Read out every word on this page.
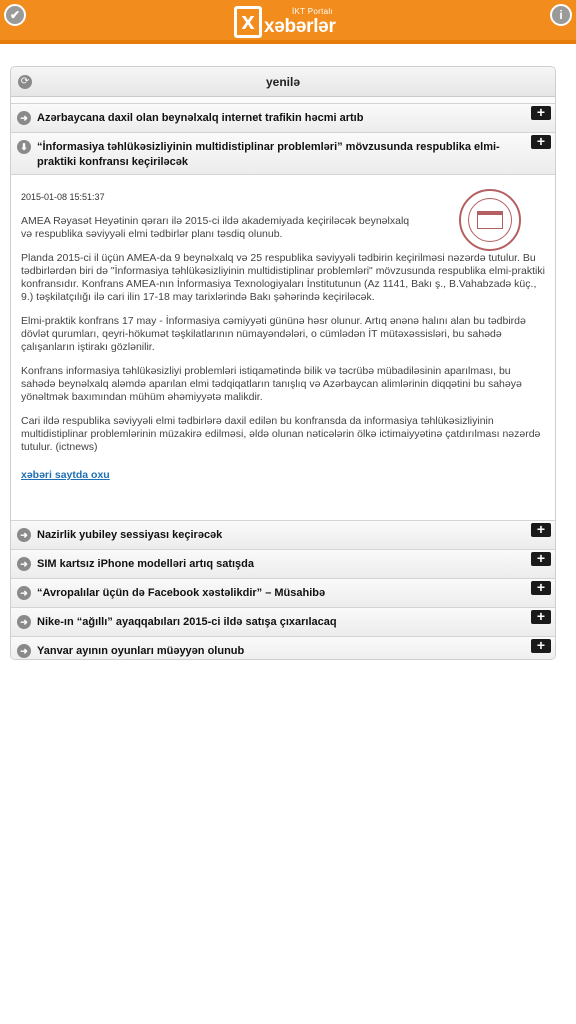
✔	x	İKT Portalı
xəbərlər
i
⟳	yenilə
➜ Azərbaycana daxil olan beynəlxalq internet trafikin həcmi artıb	+
⬇ “İnformasiya təhlükəsizliyinin multidistiplinar problemləri” mövzusunda respublika elmi-praktiki konfransı keçiriləcək
+
2015-01-08 15:51:37

AMEA Rəyasət Heyətinin qərarı ilə 2015-ci ildə akademiyada keçiriləcək beynəlxalq və respublika səviyyəli elmi tədbirlər planı təsdiq olunub.

Planda 2015-ci il üçün AMEA-da 9 beynəlxalq və 25 respublika səviyyəli tədbirin keçirilməsi nəzərdə tutulur. Bu tədbirlərdən biri də "İnformasiya təhlükəsizliyinin multidistiplinar problemləri" mövzusunda respublika elmi-praktiki konfransıdır. Konfrans AMEA-nın İnformasiya Texnologiyaları İnstitutunun (Az 1141, Bakı ş., B.Vahabzadə küç., 9.) təşkilatçılığı ilə cari ilin 17-18 may tarixlərində Bakı şəhərində keçiriləcək.

Elmi-praktik konfrans 17 may - İnformasiya cəmiyyəti gününə həsr olunur. Artıq ənənə halını alan bu tədbirdə dövlət qurumları, qeyri-hökumət təşkilatlarının nümayəndələri, o cümlədən İT mütəxəssisləri, bu sahədə çalışanların iştirakı gözlənilir.

Konfrans informasiya təhlükəsizliyi problemləri istiqamətində bilik və təcrübə mübadiləsinin aparılması, bu sahədə beynəlxalq aləmdə aparılan elmi tədqiqatların tanışlıq və Azərbaycan alimlərinin diqqətini bu sahəyə yönəltmək baxımından mühüm əhəmiyyətə malikdir.

Cari ildə respublika səviyyəli elmi tədbirlərə daxil edilən bu konfransda da informasiya təhlükəsizliyinin multidistiplinar problemlərinin müzakirə edilməsi, əldə olunan nəticələrin ölkə ictimaiyyətinə çatdırılması nəzərdə tutulur. (ictnews)

xəbəri saytda oxu
➜ Nazirlik yubiley sessiyası keçirəcək	+
➜ SIM kartsız iPhone modelləri artıq satışda	+
➜ “Avropalılar üçün də Facebook xəstəlikdir” – Müsahibə	+
➜ Nike-ın “ağıllı” ayaqqabıları 2015-ci ildə satışa çıxarılacaq	+
➜ Yanvar ayının oyunları müəyyən olunub	+
